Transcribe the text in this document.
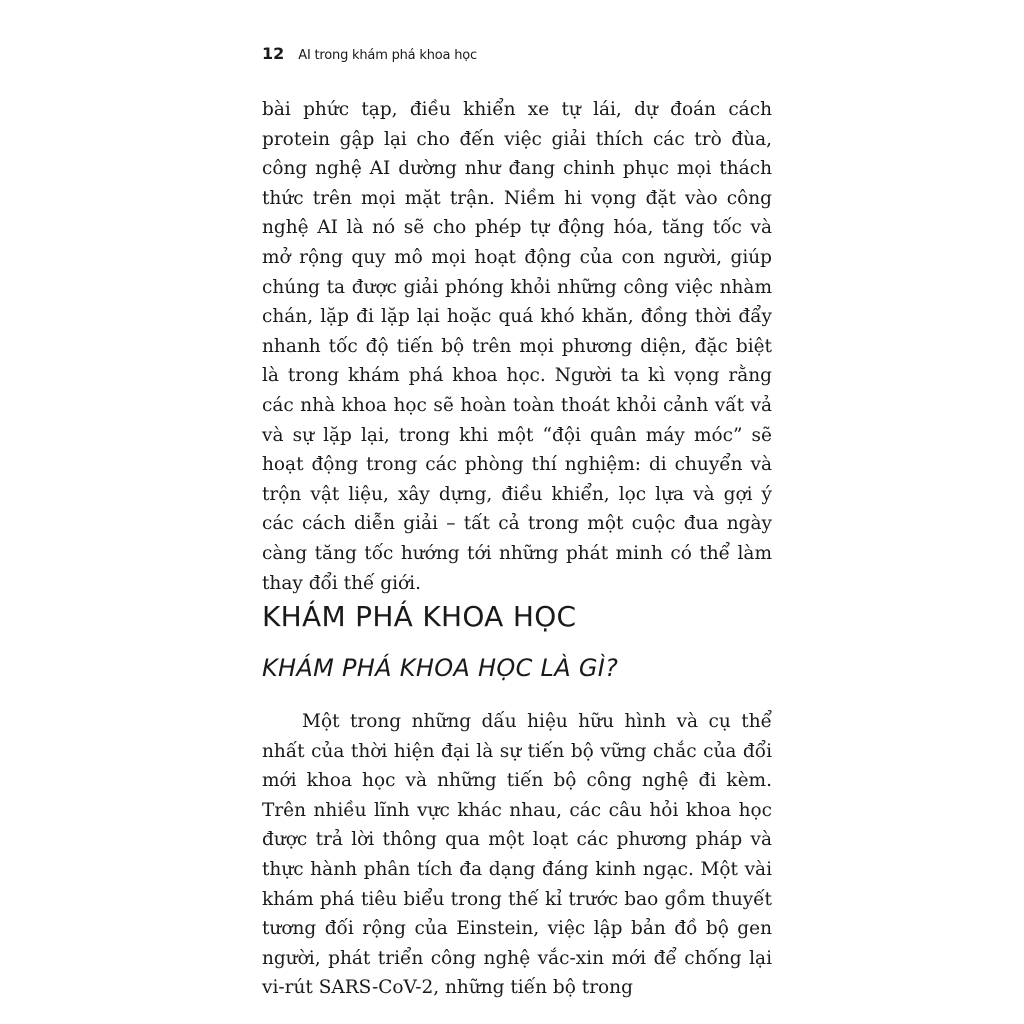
12 AI trong khám phá khoa học

bài phức tạp, điều khiển xe tự lái, dự đoán cách protein gập lại cho đến việc giải thích các trò đùa, công nghệ AI dường như đang chinh phục mọi thách thức trên mọi mặt trận. Niềm hi vọng đặt vào công nghệ AI là nó sẽ cho phép tự động hóa, tăng tốc và mở rộng quy mô mọi hoạt động của con người, giúp chúng ta được giải phóng khỏi những công việc nhàm chán, lặp đi lặp lại hoặc quá khó khăn, đồng thời đẩy nhanh tốc độ tiến bộ trên mọi phương diện, đặc biệt là trong khám phá khoa học. Người ta kì vọng rằng các nhà khoa học sẽ hoàn toàn thoát khỏi cảnh vất vả và sự lặp lại, trong khi một “đội quân máy móc” sẽ hoạt động trong các phòng thí nghiệm: di chuyển và trộn vật liệu, xây dựng, điều khiển, lọc lựa và gợi ý các cách diễn giải – tất cả trong một cuộc đua ngày càng tăng tốc hướng tới những phát minh có thể làm thay đổi thế giới.

KHÁM PHÁ KHOA HỌC
KHÁM PHÁ KHOA HỌC LÀ GÌ?

Một trong những dấu hiệu hữu hình và cụ thể nhất của thời hiện đại là sự tiến bộ vững chắc của đổi mới khoa học và những tiến bộ công nghệ đi kèm. Trên nhiều lĩnh vực khác nhau, các câu hỏi khoa học được trả lời thông qua một loạt các phương pháp và thực hành phân tích đa dạng đáng kinh ngạc. Một vài khám phá tiêu biểu trong thế kỉ trước bao gồm thuyết tương đối rộng của Einstein, việc lập bản đồ bộ gen người, phát triển công nghệ vắc-xin mới để chống lại vi-rút SARS-CoV-2, những tiến bộ trong
